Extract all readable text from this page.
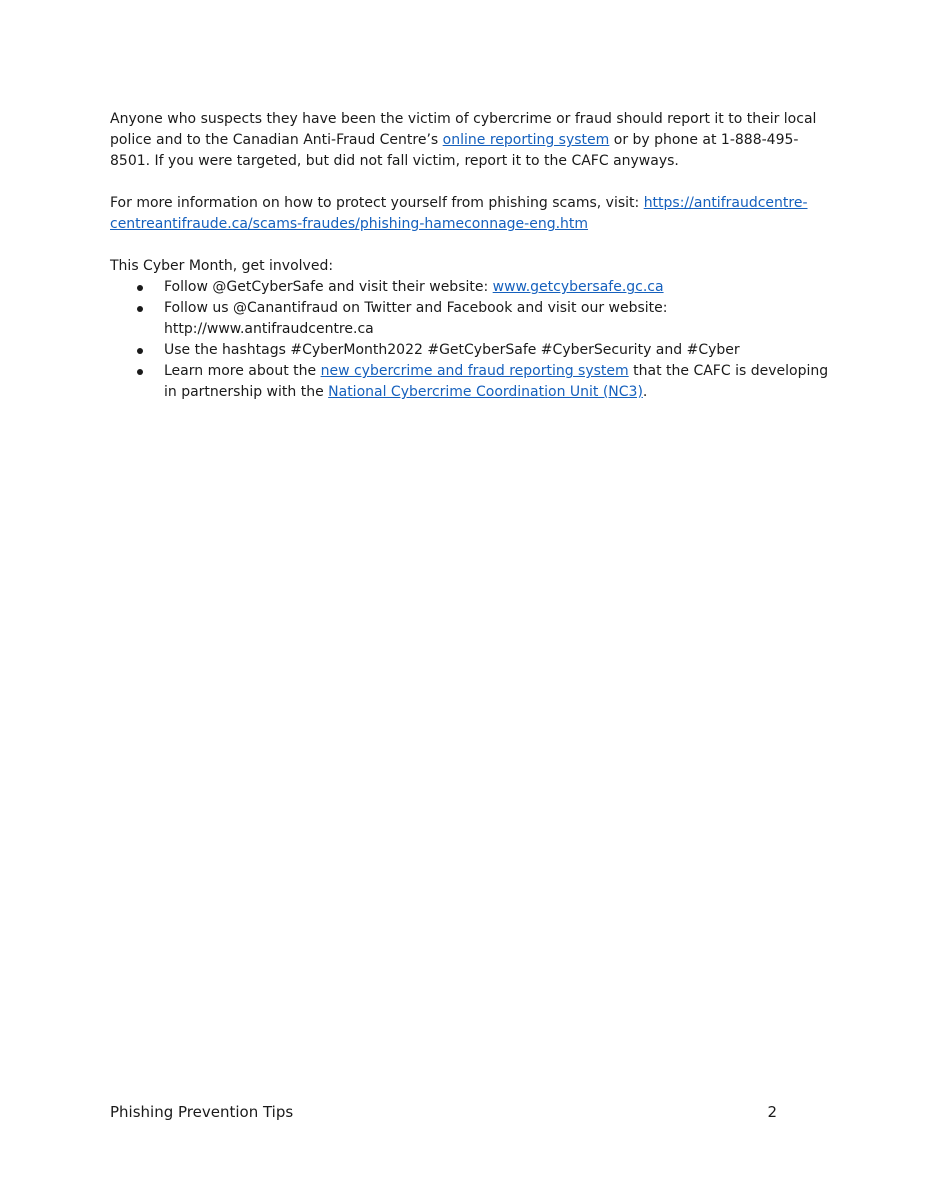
Anyone who suspects they have been the victim of cybercrime or fraud should report it to their local police and to the Canadian Anti-Fraud Centre’s online reporting system or by phone at 1-888-495-8501. If you were targeted, but did not fall victim, report it to the CAFC anyways.

For more information on how to protect yourself from phishing scams, visit: https://antifraudcentre-centreantifraude.ca/scams-fraudes/phishing-hameconnage-eng.htm

This Cyber Month, get involved:

Follow @GetCyberSafe and visit their website: www.getcybersafe.gc.ca
Follow us @Canantifraud on Twitter and Facebook and visit our website: http://www.antifraudcentre.ca
Use the hashtags #CyberMonth2022 #GetCyberSafe #CyberSecurity and #Cyber
Learn more about the new cybercrime and fraud reporting system that the CAFC is developing in partnership with the National Cybercrime Coordination Unit (NC3).
Phishing Prevention Tips	2
